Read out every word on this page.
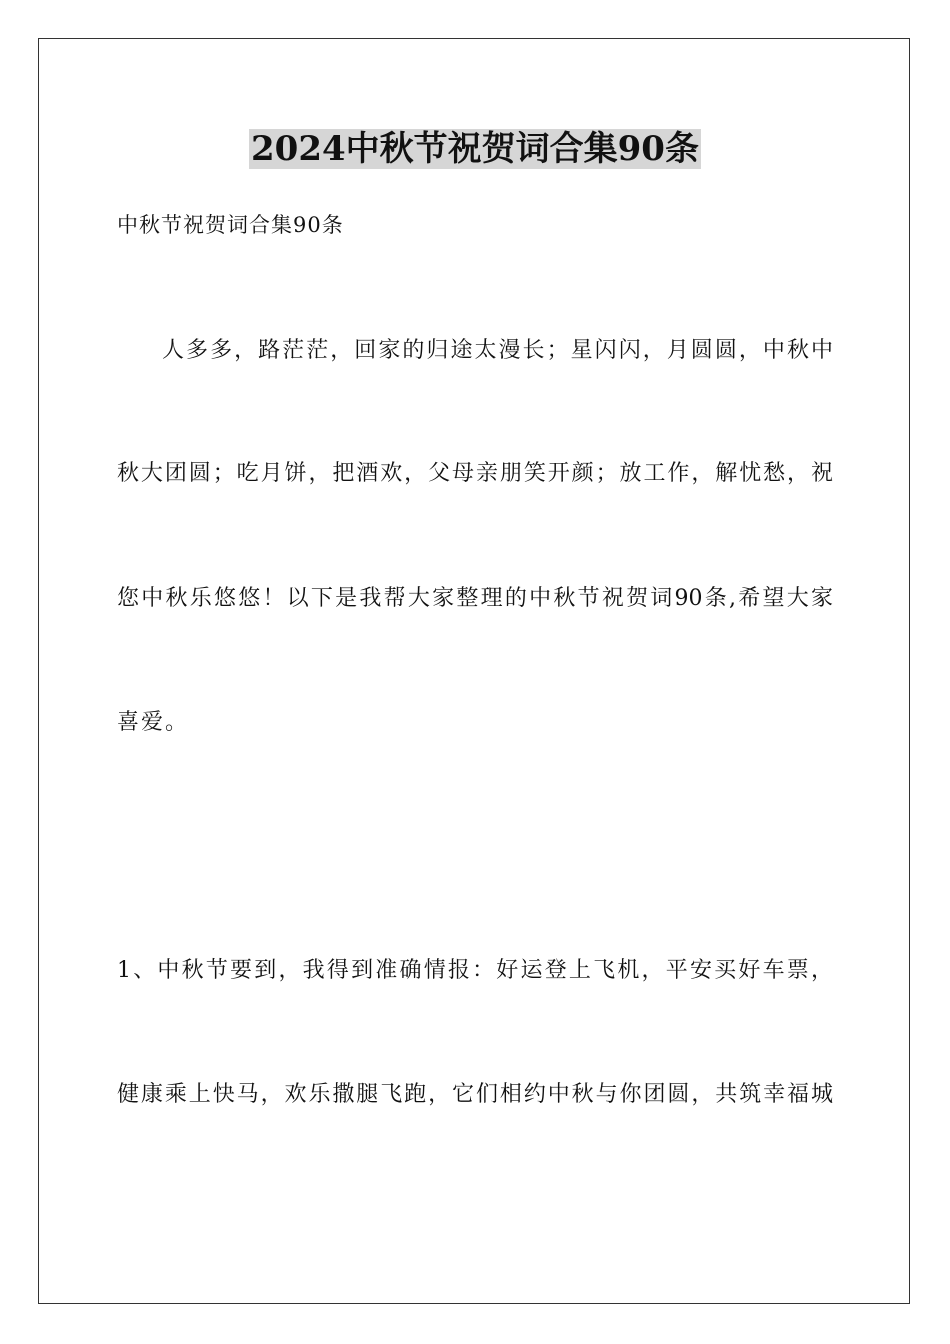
2024中秋节祝贺词合集90条

中秋节祝贺词合集90条

人多多，路茫茫，回家的归途太漫长；星闪闪，月圆圆，中秋中

秋大团圆；吃月饼，把酒欢，父母亲朋笑开颜；放工作，解忧愁，祝

您中秋乐悠悠！以下是我帮大家整理的中秋节祝贺词90条,希望大家

喜爱。

1、中秋节要到，我得到准确情报：好运登上飞机，平安买好车票，

健康乘上快马，欢乐撒腿飞跑，它们相约中秋与你团圆，共筑幸福城
